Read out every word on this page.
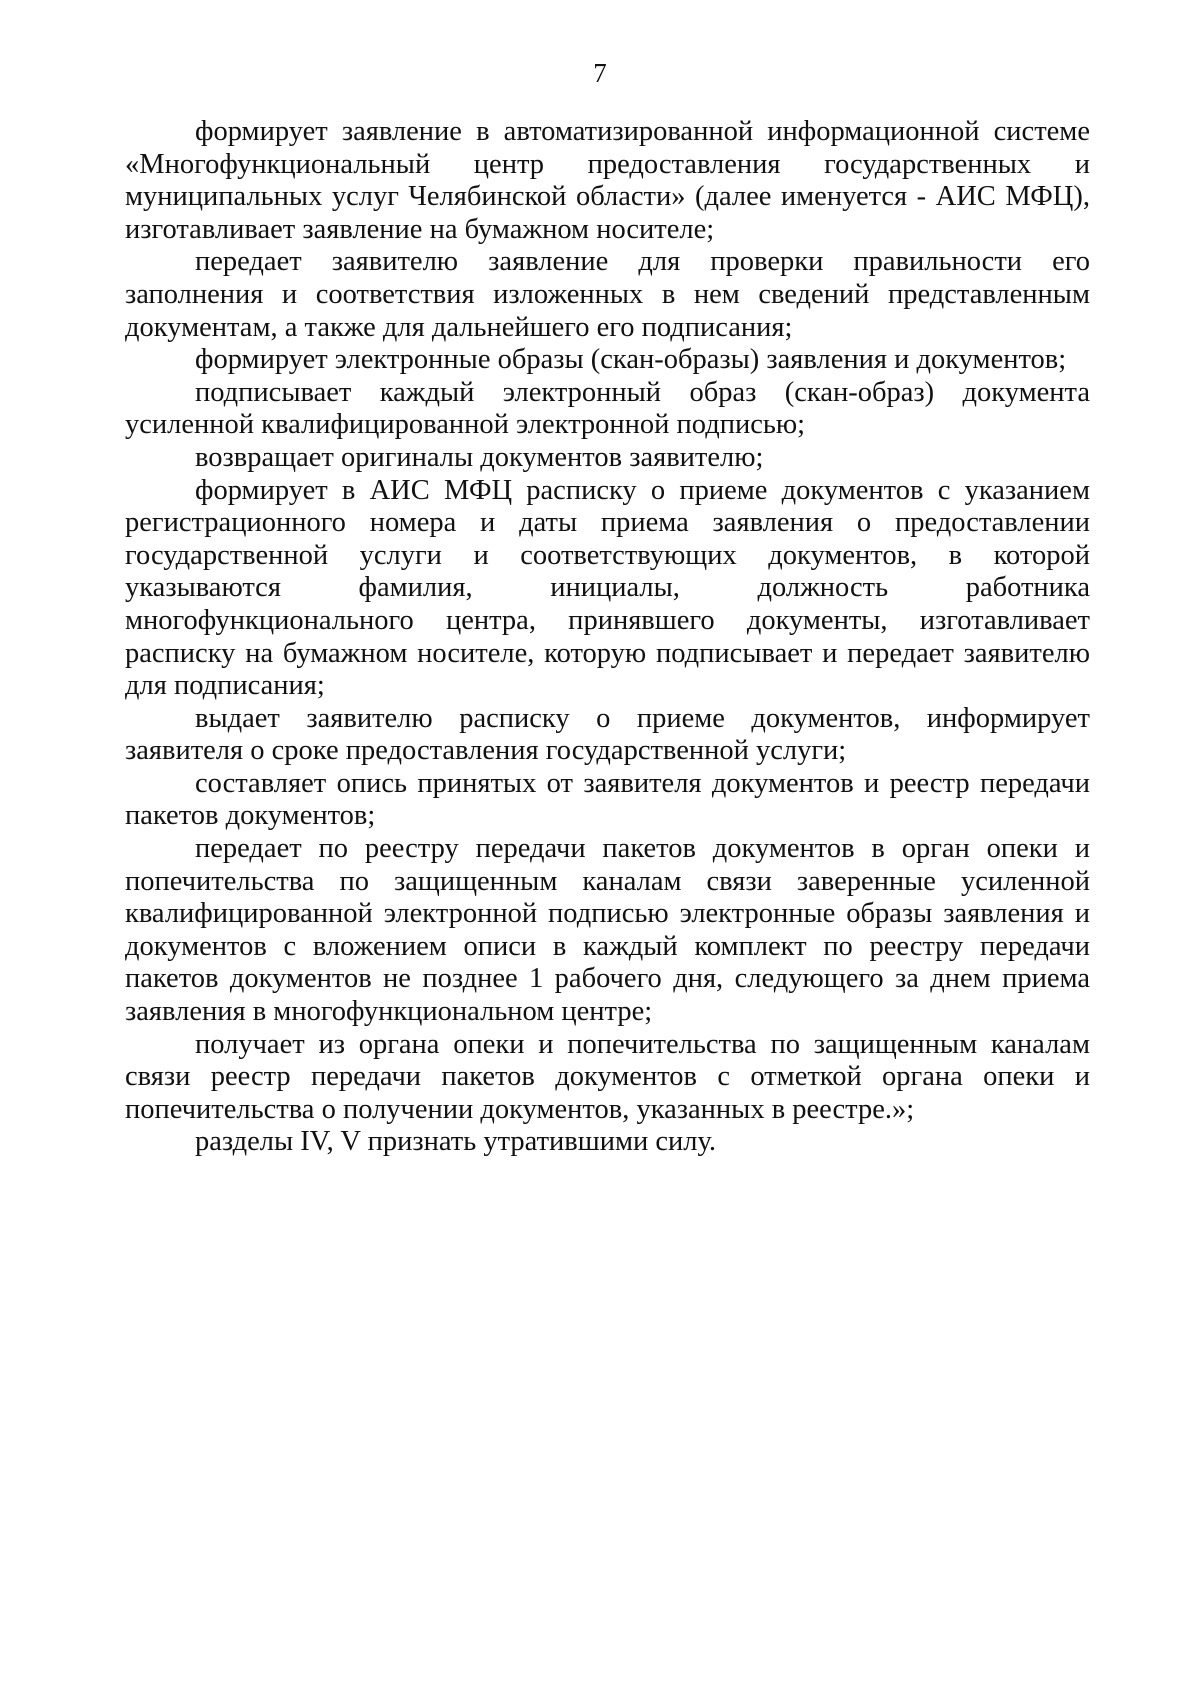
7

формирует заявление в автоматизированной информационной системе «Многофункциональный центр предоставления государственных и муниципальных услуг Челябинской области» (далее именуется - АИС МФЦ), изготавливает заявление на бумажном носителе;

передает заявителю заявление для проверки правильности его заполнения и соответствия изложенных в нем сведений представленным документам, а также для дальнейшего его подписания;

формирует электронные образы (скан-образы) заявления и документов;

подписывает каждый электронный образ (скан-образ) документа усиленной квалифицированной электронной подписью;

возвращает оригиналы документов заявителю;

формирует в АИС МФЦ расписку о приеме документов с указанием регистрационного номера и даты приема заявления о предоставлении государственной услуги и соответствующих документов, в которой указываются фамилия, инициалы, должность работника многофункционального центра, принявшего документы, изготавливает расписку на бумажном носителе, которую подписывает и передает заявителю для подписания;

выдает заявителю расписку о приеме документов, информирует заявителя о сроке предоставления государственной услуги;

составляет опись принятых от заявителя документов и реестр передачи пакетов документов;

передает по реестру передачи пакетов документов в орган опеки и попечительства по защищенным каналам связи заверенные усиленной квалифицированной электронной подписью электронные образы заявления и документов с вложением описи в каждый комплект по реестру передачи пакетов документов не позднее 1 рабочего дня, следующего за днем приема заявления в многофункциональном центре;

получает из органа опеки и попечительства по защищенным каналам связи реестр передачи пакетов документов с отметкой органа опеки и попечительства о получении документов, указанных в реестре.»;

разделы IV, V признать утратившими силу.
